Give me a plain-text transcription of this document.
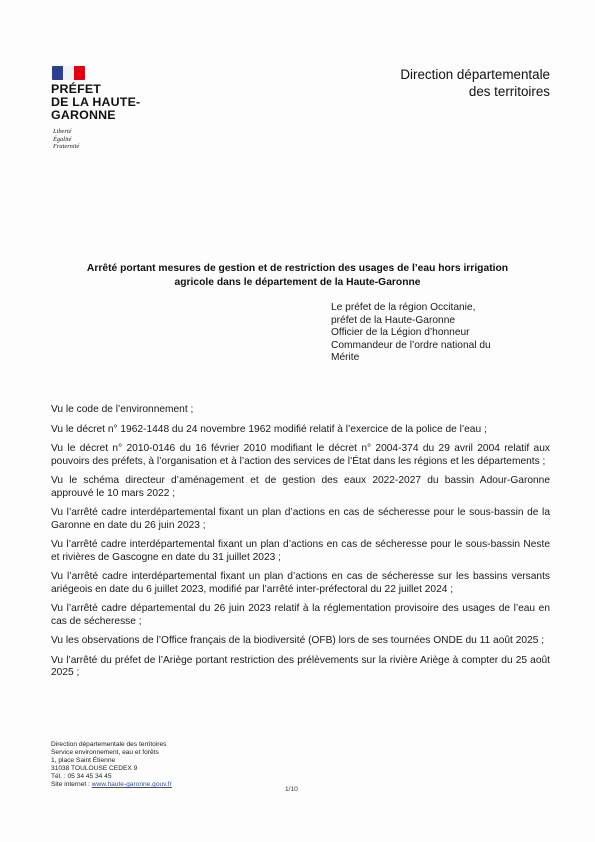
PRÉFET
DE LA HAUTE-
GARONNE
Liberté
Égalité
Fraternité
Direction départementale
des territoires
Arrêté portant mesures de gestion et de restriction des usages de l’eau hors irrigation
agricole dans le département de la Haute-Garonne
Le préfet de la région Occitanie,
préfet de la Haute-Garonne
Officier de la Légion d’honneur
Commandeur de l’ordre national du
Mérite

Vu le code de l’environnement ;

Vu le décret n° 1962-1448 du 24 novembre 1962 modifié relatif à l’exercice de la police de l’eau ;

Vu le décret n° 2010-0146 du 16 février 2010 modifiant le décret n° 2004-374 du 29 avril 2004 relatif aux pouvoirs des préfets, à l’organisation et à l’action des services de l’État dans les régions et les départements ;

Vu le schéma directeur d’aménagement et de gestion des eaux 2022-2027 du bassin Adour-Garonne approuvé le 10 mars 2022 ;

Vu l’arrêté cadre interdépartemental fixant un plan d’actions en cas de sécheresse pour le sous-bassin de la Garonne en date du 26 juin 2023 ;

Vu l’arrêté cadre interdépartemental fixant un plan d’actions en cas de sécheresse pour le sous-bassin Neste et rivières de Gascogne en date du 31 juillet 2023 ;

Vu l’arrêté cadre interdépartemental fixant un plan d’actions en cas de sécheresse sur les bassins versants ariégeois en date du 6 juillet 2023, modifié par l’arrêté inter-préfectoral du 22 juillet 2024 ;

Vu l’arrêté cadre départemental du 26 juin 2023 relatif à la réglementation provisoire des usages de l’eau en cas de sécheresse ;

Vu les observations de l’Office français de la biodiversité (OFB) lors de ses tournées ONDE du 11 août 2025 ;

Vu l’arrêté du préfet de l’Ariège portant restriction des prélèvements sur la rivière Ariège à compter du 25 août 2025 ;

Direction départementale des territoires
Service environnement, eau et forêts
1, place Saint Étienne
31038 TOULOUSE CEDEX 9
Tél. : 05 34 45 34 45
Site internet : www.haute-garonne.gouv.fr
1/10
